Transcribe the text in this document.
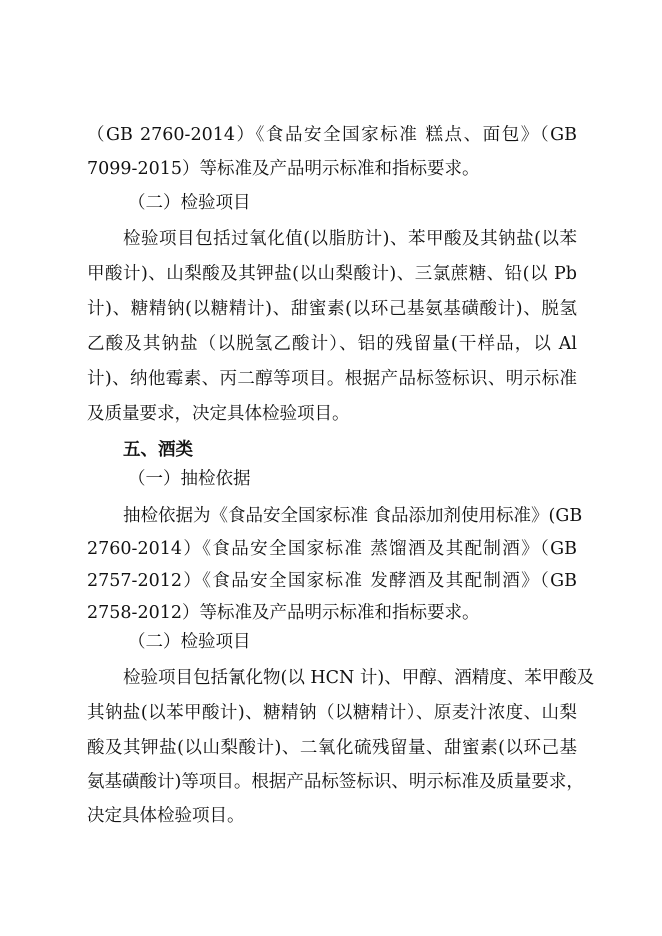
（GB 2760-2014）《食品安全国家标准 糕点、面包》（GB
7099-2015）等标准及产品明示标准和指标要求。
（二）检验项目
检验项目包括过氧化值(以脂肪计)、苯甲酸及其钠盐(以苯
甲酸计)、山梨酸及其钾盐(以山梨酸计)、三氯蔗糖、铅(以 Pb
计)、糖精钠(以糖精计)、甜蜜素(以环己基氨基磺酸计)、脱氢
乙酸及其钠盐（以脱氢乙酸计）、铝的残留量(干样品，以 Al
计)、纳他霉素、丙二醇等项目。根据产品标签标识、明示标准
及质量要求，决定具体检验项目。
五、酒类
（一）抽检依据
抽检依据为《食品安全国家标准 食品添加剂使用标准》(GB
2760-2014）《食品安全国家标准 蒸馏酒及其配制酒》（GB
2757-2012）《食品安全国家标准 发酵酒及其配制酒》（GB
2758-2012）等标准及产品明示标准和指标要求。
（二）检验项目
检验项目包括氰化物(以 HCN 计)、甲醇、酒精度、苯甲酸及
其钠盐(以苯甲酸计)、糖精钠（以糖精计）、原麦汁浓度、山梨
酸及其钾盐(以山梨酸计)、二氧化硫残留量、甜蜜素(以环己基
氨基磺酸计)等项目。根据产品标签标识、明示标准及质量要求，
决定具体检验项目。
